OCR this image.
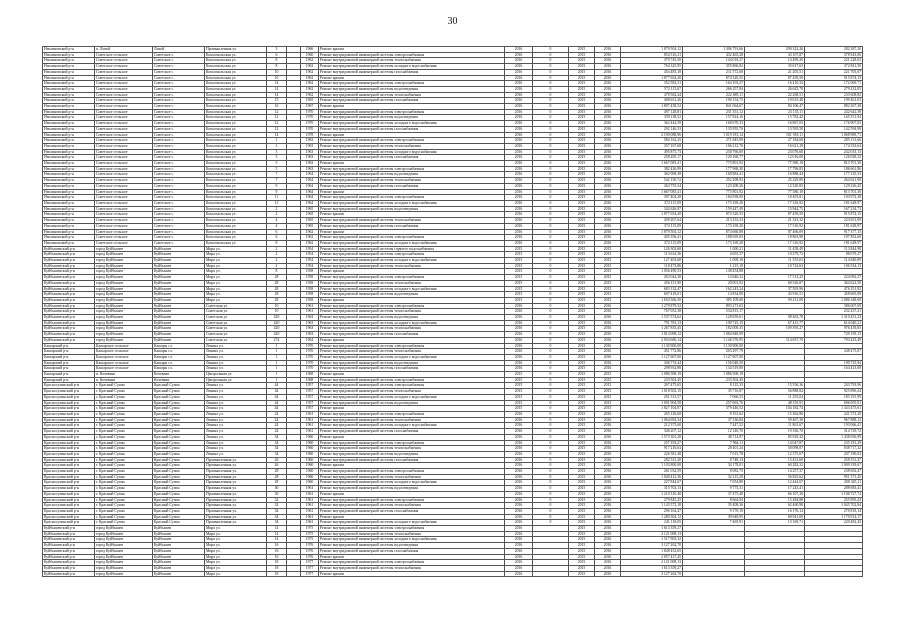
30
Неклиновский р-н	п. Лихой	Лихой	Промышленная ул.	3		1966	Ремонт крыши	2016	0	2015	2016	1 879 504,12	1 306 791,66	290 322,26	282 387,20
Неклиновский р-н	Советское сельское	Советское с.	Комсомольская ул.	6		1960	Ремонт внутридомовой инженерной системы электроснабжения	2016	0	2015	2016	854 516,21	432 465,28	43 107,87	378 943,06
Неклиновский р-н	Советское сельское	Советское с.	Комсомольская ул.	8		1962	Ремонт внутридомовой инженерной системы теплоснабжения	2016	0	2015	2016	379 745,50	144 018,27	14 499,20	221 228,03
Неклиновский р-н	Советское сельское	Советское с.	Комсомольская ул.	8		1962	Ремонт внутридомовой инженерной системы холодного водоснабжения	2016	0	2015	2016	764 325,95	355 866,82	35 617,63	372 841,50
Неклиновский р-н	Советское сельское	Советское с.	Комсомольская ул.	10		1962	Ремонт внутридомовой инженерной системы газоснабжения	2016	0	2015	2016	454 483,18	211 572,60	21 205,51	221 705,07
Неклиновский р-н	Советское сельское	Советское с.	Комсомольская ул.	10		1962	Ремонт крыши	2016	0	2015	2016	1 877 654,20	874 320,55	87 459,50	915 874,15
Неклиновский р-н	Советское сельское	Советское с.	Комсомольская ул.	14		1962	Ремонт внутридомовой инженерной системы электроснабжения	2016	0	2015	2016	352 583,31	164 103,27	16 410,33	172 069,71
Неклиновский р-н	Советское сельское	Советское с.	Комсомольская ул.	14		1962	Ремонт внутридомовой инженерной системы водоотведения	2016	0	2015	2016	572 115,67	266 257,84	26 625,78	279 232,05
Неклиновский р-н	Советское сельское	Советское с.	Комсомольская ул.	14		1962	Ремонт внутридомовой инженерной системы теплоснабжения	2016	0	2015	2016	478 562,44	222 685,11	22 268,51	233 608,82
Неклиновский р-н	Советское сельское	Советское с.	Комсомольская ул.	15		1965	Ремонт внутридомовой инженерной системы газоснабжения	2016	0	2015	2016	408 631,26	190 154,75	19 015,48	199 461,03
Неклиновский р-н	Советское сельское	Советское с.	Комсомольская ул.	16		1967	Ремонт крыши	2016	0	2015	2016	1 807 438,52	841 064,67	84 106,47	882 267,38
Неклиновский р-н	Советское сельское	Советское с.	Комсомольская ул.	12		1970	Ремонт внутридомовой инженерной системы электроснабжения	2016	0	2015	2016	497 128,81	231 351,12	23 135,11	242 642,58
Неклиновский р-н	Советское сельское	Советское с.	Комсомольская ул.	12		1970	Ремонт внутридомовой инженерной системы водоотведения	2016	0	2015	2016	339 138,52	157 824,16	15 782,42	165 531,94
Неклиновский р-н	Советское сельское	Советское с.	Комсомольская ул.	12		1970	Ремонт внутридомовой инженерной системы холодного водоснабжения	2016	0	2015	2016	362 444,39	168 670,33	16 867,03	176 907,03
Неклиновский р-н	Советское сельское	Советское с.	Комсомольская ул.	12		1970	Ремонт внутридомовой инженерной системы газоснабжения	2016	0	2015	2016	292 146,33	135 955,76	13 595,58	142 594,99
Неклиновский р-н	Советское сельское	Советское с.	Комсомольская ул.	14		1978	Ремонт крыши	2016	0	2015	2016	2 190 088,96	1 019 181,14	101 918,11	1 068 989,71
Неклиновский р-н	Советское сельское	Советское с.	Комсомольская ул.	1		1963	Ремонт внутридомовой инженерной системы электроснабжения	2016	0	2015	2016	584 162,25	271 845,99	27 184,60	285 131,66
Неклиновский р-н	Советское сельское	Советское с.	Комсомольская ул.	1		1963	Ремонт внутридомовой инженерной системы теплоснабжения	2016	0	2015	2016	357 167,68	166 212,76	16 621,28	174 333,64
Неклиновский р-н	Советское сельское	Советское с.	Комсомольская ул.	3		1963	Ремонт внутридомовой инженерной системы холодного водоснабжения	2016	0	2015	2016	495 875,73	230 766,00	23 076,60	242 033,13
Неклиновский р-н	Советское сельское	Советское с.	Комсомольская ул.	3		1963	Ремонт внутридомовой инженерной системы газоснабжения	2016	0	2015	2016	258 205,17	120 160,77	12 016,08	126 028,32
Неклиновский р-н	Советское сельское	Советское с.	Комсомольская ул.	5		1963	Ремонт крыши	2016	0	2015	2016	1 667 083,41	775 801,92	77 580,19	813 701,30
Неклиновский р-н	Советское сельское	Советское с.	Комсомольская ул.	5		1963	Ремонт внутридомовой инженерной системы электроснабжения	2016	0	2015	2016	382 426,99	177 968,30	17 796,83	186 661,86
Неклиновский р-н	Советское сельское	Советское с.	Комсомольская ул.	7		1964	Ремонт внутридомовой инженерной системы водоотведения	2016	0	2015	2016	362 908,38	168 884,41	16 888,44	177 135,53
Неклиновский р-н	Советское сельское	Советское с.	Комсомольская ул.	7		1964	Ремонт внутридомовой инженерной системы теплоснабжения	2016	0	2015	2016	542 150,72	252 298,93	25 229,89	264 621,90
Неклиновский р-н	Советское сельское	Советское с.	Комсомольская ул.	9		1964	Ремонт внутридомовой инженерной системы газоснабжения	2016	0	2015	2016	264 755,54	123 208,26	12 320,83	129 226,45
Неклиновский р-н	Советское сельское	Советское с.	Комсомольская ул.	9		1964	Ремонт крыши	2016	0	2015	2016	1 667 083,41	775 801,92	77 580,19	813 701,30
Неклиновский р-н	Советское сельское	Советское с.	Комсомольская ул.	11		1964	Ремонт внутридомовой инженерной системы электроснабжения	2016	0	2015	2016	397 404,28	184 938,09	18 493,81	193 972,38
Неклиновский р-н	Советское сельское	Советское с.	Комсомольская ул.	11		1964	Ремонт внутридомовой инженерной системы холодного водоснабжения	2016	0	2015	2016	372 115,09	173 169,20	17 316,92	181 628,97
Неклиновский р-н	Советское сельское	Советское с.	Комсомольская ул.	2		1965	Ремонт внутридомовой инженерной системы водоотведения	2016	0	2015	2016	342 626,97	159 447,49	15 944,75	167 234,73
Неклиновский р-н	Советское сельское	Советское с.	Комсомольская ул.	2		1965	Ремонт крыши	2016	0	2015	2016	1 877 654,20	874 320,55	87 459,50	915 874,15
Неклиновский р-н	Советское сельское	Советское с.	Комсомольская ул.	4		1965	Ремонт внутридомовой инженерной системы теплоснабжения	2016	0	2015	2016	458 207,64	213 233,23	21 323,32	223 651,09
Неклиновский р-н	Советское сельское	Советское с.	Комсомольская ул.	4		1965	Ремонт внутридомовой инженерной системы газоснабжения	2016	0	2015	2016	372 115,09	173 169,20	17 316,92	181 628,97
Неклиновский р-н	Советское сельское	Советское с.	Комсомольская ул.	6		1962	Ремонт крыши	2016	0	2015	2016	1 879 504,12	874 660,88	87 466,09	917 377,15
Неклиновский р-н	Советское сельское	Советское с.	Комсомольская ул.	6		1962	Ремонт внутридомовой инженерной системы электроснабжения	2016	0	2015	2016	405 356,41	188 639,83	18 863,98	197 852,60
Неклиновский р-н	Советское сельское	Советское с.	Комсомольская ул.	8		1962	Ремонт внутридомовой инженерной системы холодного водоснабжения	2016	0	2015	2016	372 115,09	173 169,20	17 316,92	181 628,97
Куйбышевский р-н	город Куйбышев	Куйбышев	Мира ул.	2		1954	Ремонт внутридомовой инженерной системы горячего водоснабжения	2015	0	2015	2015	126 302,68	1 000,21	11 458,49	113 844,98
Куйбышевский р-н	город Куйбышев	Куйбышев	Мира ул.	2		1954	Ремонт внутридомовой инженерной системы электроснабжения	2015	0	2015	2015	113 614,36	4 655,37	10 279,72	98 679,27
Куйбышевский р-н	город Куйбышев	Куйбышев	Мира ул.	2		1954	Ремонт внутридомовой инженерной системы холодного водоснабжения	2015	0	2015	2015	127 403,68	1 009,16	11 553,63	114 840,89
Куйбышевский р-н	город Куйбышев	Куйбышев	Мира ул.	2		1954	Ремонт внутридомовой инженерной системы теплоснабжения	2015	0	2015	2015	118 473,86	1 215,10	10 724,63	106 534,13
Куйбышевский р-н	город Куйбышев	Куйбышев	Мира ул.	8		1958	Ремонт крыши	2015	0	2015	2015	1 056 490,53	138 454,88		
Куйбышевский р-н	город Куйбышев	Куйбышев	Мира ул.	28		1958	Ремонт внутридомовой инженерной системы электроснабжения	2015	0	2015	2015	263 044,38	14 646,32	17 513,25	224 082,37
Куйбышевский р-н	город Куйбышев	Куйбышев	Мира ул.	28		1958	Ремонт внутридомовой инженерной системы теплоснабжения	2015	0	2015	2015	456 151,90	20 001,92	60 526,87	364 622,50
Куйбышевский р-н	город Куйбышев	Куйбышев	Мира ул.	28		1958	Ремонт внутридомовой инженерной системы холодного водоснабжения	2015	0	2015	2015	683 132,47	162 243,24	37 593,96	476 351,92
Куйбышевский р-н	город Куйбышев	Куйбышев	Мира ул.	28		1958	Ремонт внутридомовой инженерной системы водоотведения	2015	0	2015	2015	607 418,01	14 834,00	43 916,51	458 665,08
Куйбышевский р-н	город Куйбышев	Куйбышев	Мира ул.	28		1958	Ремонт крыши	2015	0	2015	2015	1 654 566,50	385 109,60	59 231,00	1 086 348,68
Куйбышевский р-н	город Куйбышев	Куйбышев	Советская ул.	10		1961	Ремонт внутридомовой инженерной системы электроснабжения	2016	0	2015	2016	1 279 879,32	893 271,63		386 607,69
Куйбышевский р-н	город Куйбышев	Куйбышев	Советская ул.	10		1961	Ремонт внутридомовой инженерной системы теплоснабжения	2016	0	2015	2016	767 052,38	534 815,17		232 237,21
Куйбышевский р-н	город Куйбышев	Куйбышев	Советская ул.	420		1963	Ремонт внутридомовой инженерной системы водоотведения	2016	0	2015	2016	1 537 574,62	128 659,61	98 463,78	1 310 451,23
Куйбышевский р-н	город Куйбышев	Куйбышев	Советская ул.	420		1963	Ремонт внутридомовой инженерной системы холодного водоснабжения	2016	0	2015	2016	791 781,13	109 725,15	67 415,77	614 640,21
Куйбышевский р-н	город Куйбышев	Куйбышев	Советская ул.	420		1963	Ремонт внутридомовой инженерной системы теплоснабжения	2016	0	2015	2016	1 267 835,45	182 000,35	109 395,27	976 439,83
Куйбышевский р-н	город Куйбышев	Куйбышев	Советская ул.	420		1963	Ремонт внутридомовой инженерной системы газоснабжения	2016	0	2015	2016	1 814 008,12	1 084 848,99		729 159,13
Куйбышевский р-н	город Куйбышев	Куйбышев	Советская ул.	274		1964	Ремонт крыши	2016	0	2015	2016	2 054 660,14	1 146 576,95	114 657,70	793 425,49
Кашарский р-н	Кашарское сельское	Кашары сл.	Ленина ул.	1		1970	Ремонт внутридомовой инженерной системы электроснабжения	2016	0	2015	2016	1 130 900,00	1 130 900,00		
Кашарский р-н	Кашарское сельское	Кашары сл.	Ленина ул.	1		1970	Ремонт внутридомовой инженерной системы теплоснабжения	2016	0	2015	2016	451 772,86	203 297,79		248 475,07
Кашарский р-н	Кашарское сельское	Кашары сл.	Ленина ул.	1		1970	Ремонт внутридомовой инженерной системы холодного водоснабжения	2016	0	2015	2016	1 127 607,00	1 127 607,00		
Кашарский р-н	Кашарское сельское	Кашары сл.	Ленина ул.	1		1970	Ремонт внутридомовой инженерной системы водоотведения	2016	0	2015	2016	346 774,44	156 048,50		190 725,94
Кашарский р-н	Кашарское сельское	Кашары сл.	Ленина ул.	1		1970	Ремонт внутридомовой инженерной системы газоснабжения	2016	0	2015	2016	298 932,88	134 519,80		164 413,08
Кашарский р-н	п. Кочевани	Кочевани	Центральная ул.	1		1968	Ремонт крыши	2015	0	2015	2015	1 086 508,19	1 086 508,19		
Кашарский р-н	п. Кочевани	Кочевани	Центральная ул.	1		1968	Ремонт внутридомовой инженерной системы электроснабжения	2015	0	2015	2015	233 502,45	233 502,45		
Красносулинский р-н	г. Красный Сулин	Красный Сулин	Ленина ул.	44		1957	Ремонт внутридомовой инженерной системы электроснабжения	2015	0	2015	2015	267 475,65	8 125,33	15 556,36	243 793,96
Красносулинский р-н	г. Красный Сулин	Красный Сулин	Ленина ул.	44		1957	Ремонт внутридомовой инженерной системы теплоснабжения	2015	0	2015	2015	1 018 502,15	35 716,87	56 888,84	925 896,44
Красносулинский р-н	г. Красный Сулин	Красный Сулин	Ленина ул.	44		1957	Ремонт внутридомовой инженерной системы холодного водоснабжения	2015	0	2015	2015	201 513,57	7 066,53	11 255,04	183 191,99
Красносулинский р-н	г. Красный Сулин	Красный Сулин	Ленина ул.	44		1957	Ремонт внутридомовой инженерной системы водоотведения	2015	0	2015	2015	1 001 904,58	257 692,76	48 155,91	696 055,91
Красносулинский р-н	г. Красный Сулин	Красный Сулин	Ленина ул.	44		1957	Ремонт крыши	2015	0	2015	2015	1 827 104,87	379 446,52	104 182,74	1 343 475,61
Красносулинский р-н	г. Красный Сулин	Красный Сулин	Ленина ул.	24		1961	Ремонт внутридомовой инженерной системы электроснабжения	2016	0	2015	2016	265 126,68	8 191,62	15 362,86	241 572,20
Красносулинский р-н	г. Красный Сулин	Красный Сулин	Ленина ул.	24		1961	Ремонт внутридомовой инженерной системы теплоснабжения	2016	0	2015	2016	1 064 692,34	37 336,84	59 467,38	967 888,12
Красносулинский р-н	г. Красный Сулин	Красный Сулин	Ленина ул.	24		1961	Ремонт внутридомовой инженерной системы холодного водоснабжения	2016	0	2015	2016	212 375,60	7 447,52	11 861,67	193 066,41
Красносулинский р-н	г. Красный Сулин	Красный Сулин	Ленина ул.	24		1961	Ремонт внутридомовой инженерной системы газоснабжения	2016	0	2015	2016	346 207,12	12 140,70	19 336,70	314 729,72
Красносулинский р-н	г. Красный Сулин	Красный Сулин	Ленина ул.	34		1960	Ремонт крыши	2016	0	2015	2016	1 573 301,28	48 714,97	85 929,32	1 438 656,99
Красносулинский р-н	г. Красный Сулин	Красный Сулин	Ленина ул.	34		1960	Ремонт внутридомовой инженерной системы электроснабжения	2016	0	2015	2016	257 193,27	7 964,11	14 047,87	235 181,29
Красносулинский р-н	г. Красный Сулин	Красный Сулин	Ленина ул.	34		1960	Ремонт внутридомовой инженерной системы теплоснабжения	2016	0	2015	2016	917 216,63	28 401,24	50 098,07	838 717,32
Красносулинский р-н	г. Красный Сулин	Красный Сулин	Ленина ул.	34		1960	Ремонт внутридомовой инженерной системы водоотведения	2016	0	2015	2016	226 581,48	7 015,78	12 375,67	207 190,03
Красносулинский р-н	г. Красный Сулин	Красный Сулин	Промышленная ул.	26		1960	Ремонт внутридомовой инженерной системы газоснабжения	2016	0	2015	2016	282 531,20	8 748,13	15 431,60	258 351,47
Красносулинский р-н	г. Красный Сулин	Красный Сулин	Промышленная ул.	26		1960	Ремонт крыши	2016	0	2015	2016	1 103 800,00	34 178,01	60 282,32	1 009 339,67
Красносулинский р-н	г. Красный Сулин	Красный Сулин	Промышленная ул.	28		1960	Ремонт внутридомовой инженерной системы электроснабжения	2016	0	2015	2016	261 032,59	8 082,75	14 257,37	238 692,47
Красносулинский р-н	г. Красный Сулин	Красный Сулин	Промышленная ул.	28		1960	Ремонт внутридомовой инженерной системы теплоснабжения	2016	0	2015	2016	1 040 412,36	32 215,29	56 825,62	951 371,45
Красносулинский р-н	г. Красный Сулин	Красный Сулин	Промышленная ул.	28		1960	Ремонт внутридомовой инженерной системы холодного водоснабжения	2016	0	2015	2016	227 844,67	7 054,89	12 444,67	208 345,11
Красносулинский р-н	г. Красный Сулин	Красный Сулин	Промышленная ул.	30		1961	Ремонт внутридомовой инженерной системы водоотведения	2016	0	2015	2016	315 702,13	9 775,31	17 243,41	288 683,41
Красносулинский р-н	г. Красный Сулин	Красный Сулин	Промышленная ул.	30		1961	Ремонт крыши	2016	0	2015	2016	1 210 310,40	37 475,40	66 107,26	1 106 727,74
Красносулинский р-н	г. Красный Сулин	Красный Сулин	Промышленная ул.	32		1961	Ремонт внутридомовой инженерной системы электроснабжения	2016	0	2015	2016	279 845,25	8 664,94	15 284,88	255 895,43
Красносулинский р-н	г. Красный Сулин	Красный Сулин	Промышленная ул.	32		1961	Ремонт внутридомовой инженерной системы теплоснабжения	2016	0	2015	2016	1 143 572,18	35 408,36	62 460,98	1 045 702,84
Красносулинский р-н	г. Красный Сулин	Красный Сулин	Промышленная ул.	34		1961	Ремонт внутридомовой инженерной системы газоснабжения	2016	0	2015	2016	296 164,47	9 170,19	16 176,14	270 818,14
Красносулинский р-н	г. Красный Сулин	Красный Сулин	Промышленная ул.	34		1961	Ремонт крыши	2016	0	2015	2016	1 280 504,12	39 648,95	69 941,00	1 170 914,17
Красносулинский р-н	г. Красный Сулин	Красный Сулин	Промышленная ул.	34		1961	Ремонт внутридомовой инженерной системы холодного водоснабжения	2016	0	2015	2016	241 118,05	7 465,91	13 169,71	220 482,43
Куйбышевский р-н	город Куйбышев	Куйбышев	Мира ул.	14		1975	Ремонт внутридомовой инженерной системы электроснабжения	2016		2015	2016	1 613 359,27			
Куйбышевский р-н	город Куйбышев	Куйбышев	Мира ул.	14		1975	Ремонт внутридомовой инженерной системы теплоснабжения	2016		2015	2016	2 121 008,13			
Куйбышевский р-н	город Куйбышев	Куйбышев	Мира ул.	14		1975	Ремонт внутридомовой инженерной системы холодного водоснабжения	2016		2015	2016	1 517 903,32			
Куйбышевский р-н	город Куйбышев	Куйбышев	Мира ул.	16		1976	Ремонт внутридомовой инженерной системы водоотведения	2016		2015	2016	3 127 262,70			
Куйбышевский р-н	город Куйбышев	Куйбышев	Мира ул.	16		1976	Ремонт внутридомовой инженерной системы газоснабжения	2016		2015	2016	1 848 452,65			
Куйбышевский р-н	город Куйбышев	Куйбышев	Мира ул.	16		1976	Ремонт крыши	2016		2015	2016	2 057 417,45			
Куйбышевский р-н	город Куйбышев	Куйбышев	Мира ул.	18		1977	Ремонт внутридомовой инженерной системы электроснабжения	2016		2015	2016	2 121 008,13			
Куйбышевский р-н	город Куйбышев	Куйбышев	Мира ул.	18		1977	Ремонт внутридомовой инженерной системы теплоснабжения	2016		2015	2016	1 613 359,27			
Куйбышевский р-н	город Куйбышев	Куйбышев	Мира ул.	18		1977	Ремонт крыши	2016		2015	2016	3 127 262,70			
